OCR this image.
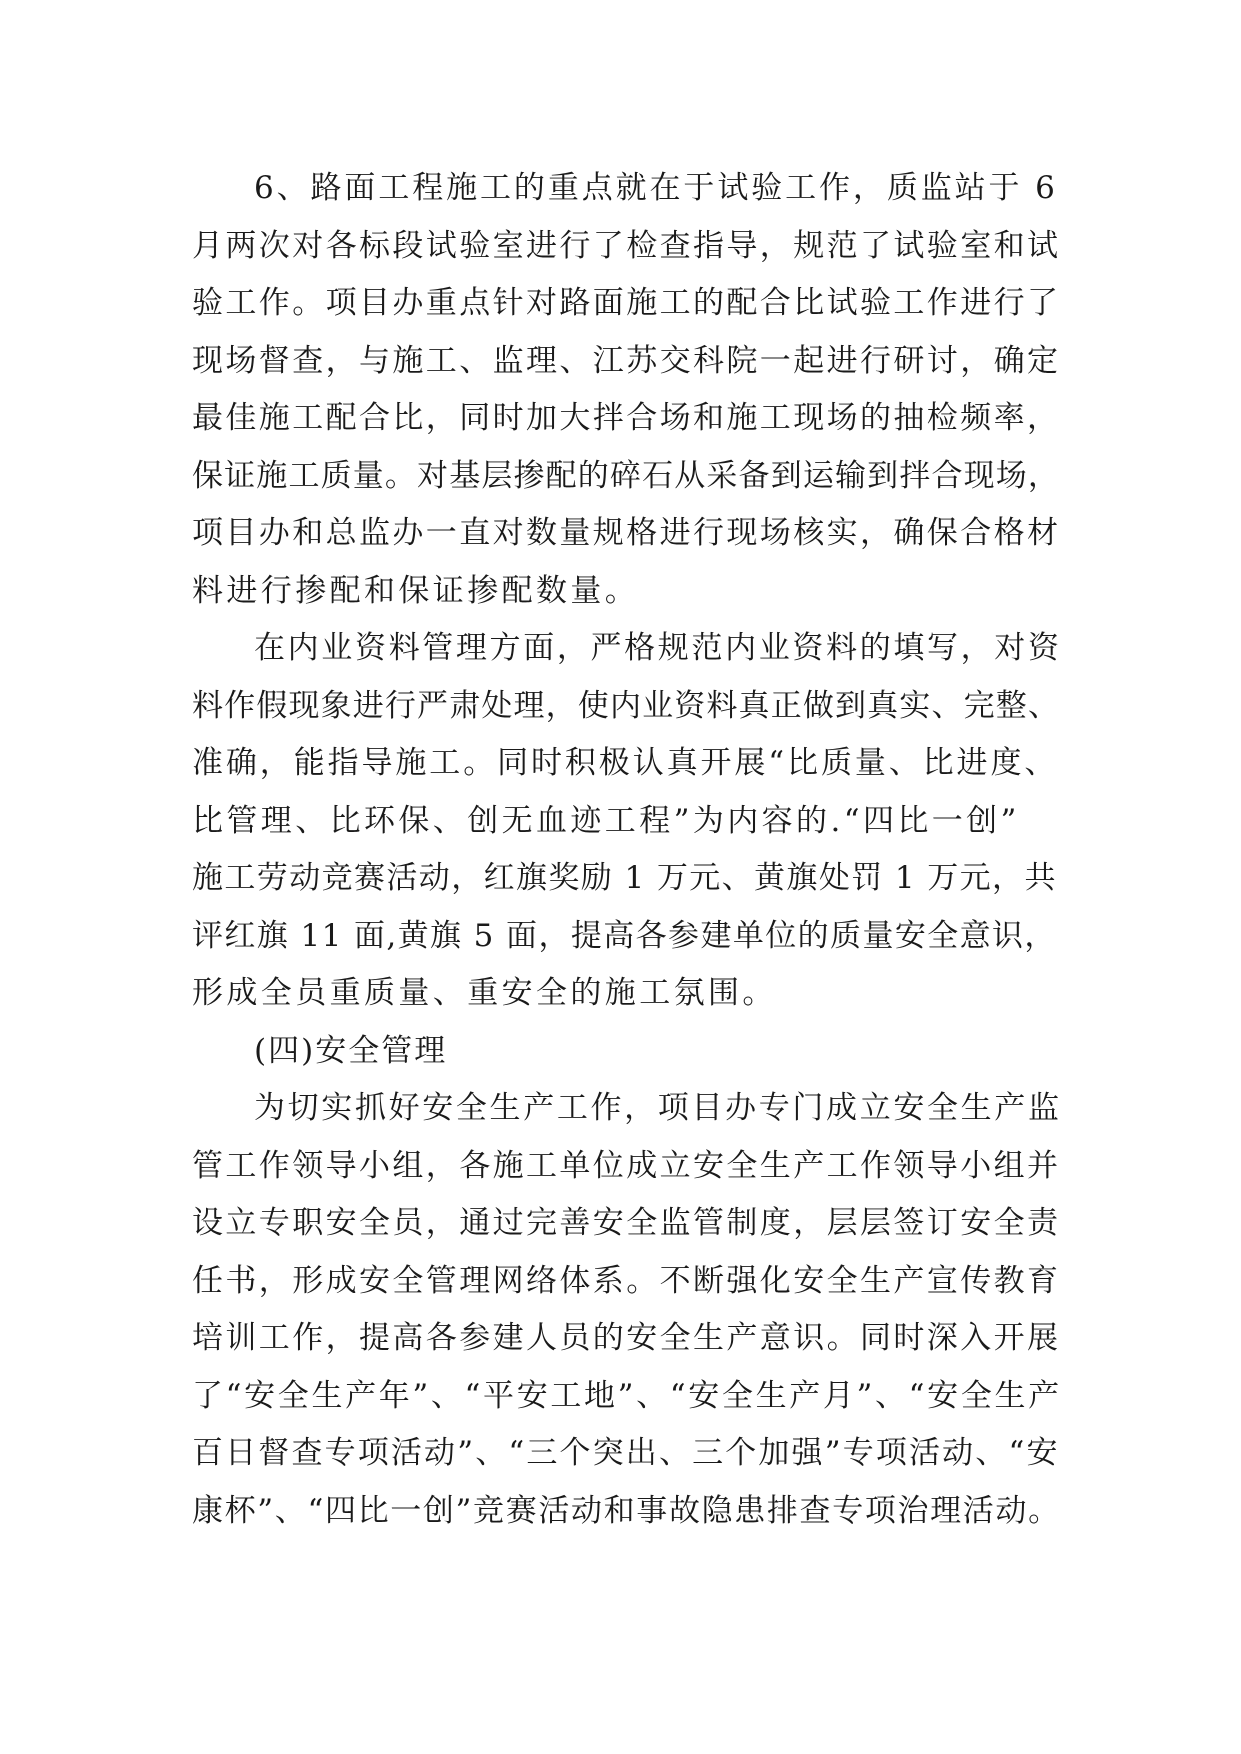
6、路面工程施工的重点就在于试验工作，质监站于 6
月两次对各标段试验室进行了检查指导，规范了试验室和试
验工作。项目办重点针对路面施工的配合比试验工作进行了
现场督查，与施工、监理、江苏交科院一起进行研讨，确定
最佳施工配合比，同时加大拌合场和施工现场的抽检频率，
保证施工质量。对基层掺配的碎石从采备到运输到拌合现场，
项目办和总监办一直对数量规格进行现场核实，确保合格材
料进行掺配和保证掺配数量。
在内业资料管理方面，严格规范内业资料的填写，对资
料作假现象进行严肃处理，使内业资料真正做到真实、完整、
准确，能指导施工。同时积极认真开展“比质量、比进度、
比管理、比环保、创无血迹工程”为内容的.“四比一创”
施工劳动竞赛活动，红旗奖励 1 万元、黄旗处罚 1 万元，共
评红旗 11 面,黄旗 5 面，提高各参建单位的质量安全意识，
形成全员重质量、重安全的施工氛围。
(四)安全管理
为切实抓好安全生产工作，项目办专门成立安全生产监
管工作领导小组，各施工单位成立安全生产工作领导小组并
设立专职安全员，通过完善安全监管制度，层层签订安全责
任书，形成安全管理网络体系。不断强化安全生产宣传教育
培训工作，提高各参建人员的安全生产意识。同时深入开展
了“安全生产年”、“平安工地”、“安全生产月”、“安全生产
百日督查专项活动”、“三个突出、三个加强”专项活动、“安
康杯”、“四比一创”竞赛活动和事故隐患排查专项治理活动。
